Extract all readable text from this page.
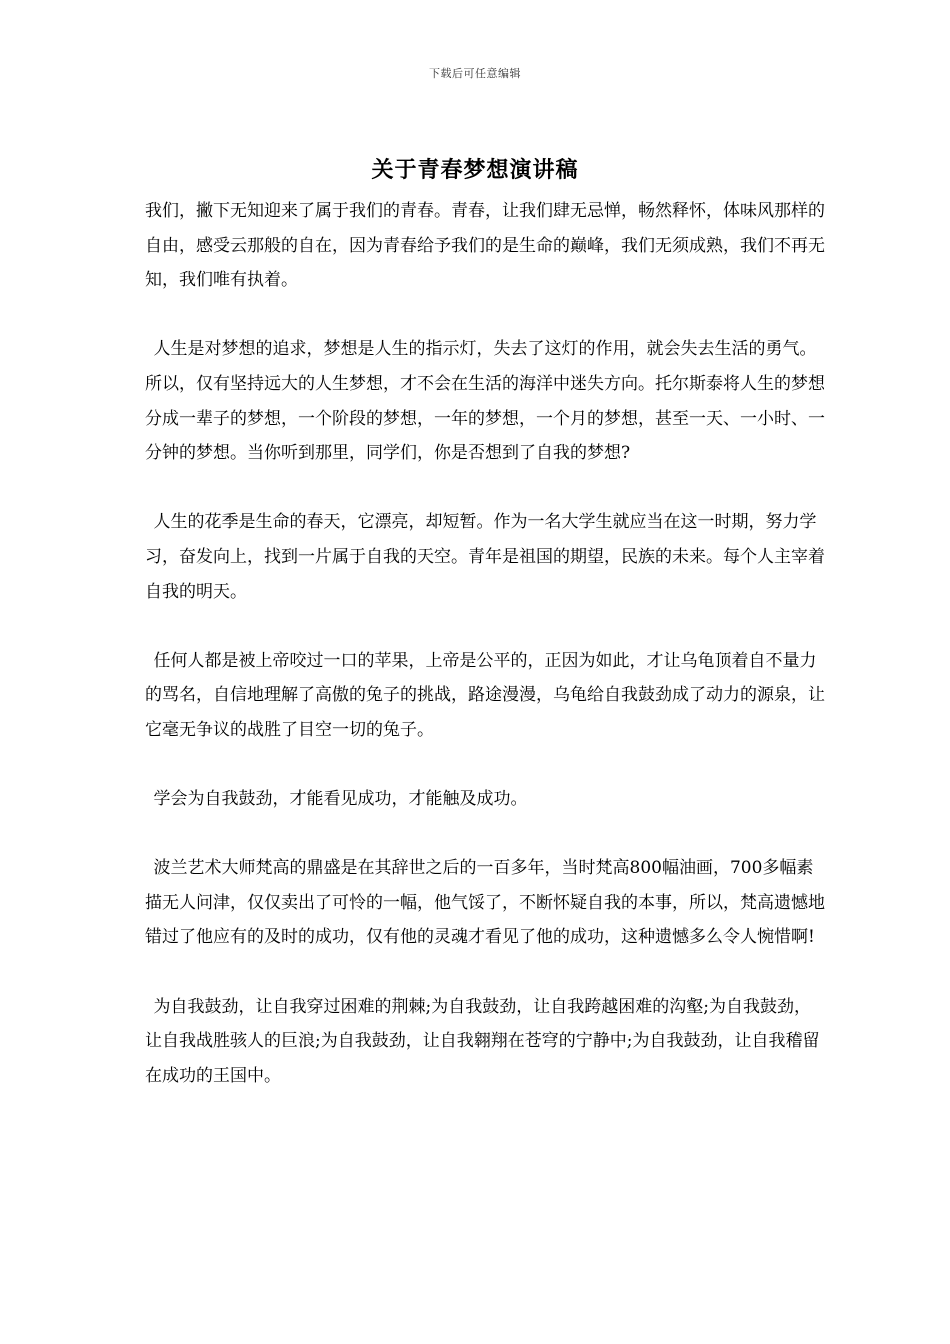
下载后可任意编辑
关于青春梦想演讲稿

我们，撇下无知迎来了属于我们的青春。青春，让我们肆无忌惮，畅然释怀，体味风那样的自由，感受云那般的自在，因为青春给予我们的是生命的巅峰，我们无须成熟，我们不再无知，我们唯有执着。

人生是对梦想的追求，梦想是人生的指示灯，失去了这灯的作用，就会失去生活的勇气。所以，仅有坚持远大的人生梦想，才不会在生活的海洋中迷失方向。托尔斯泰将人生的梦想分成一辈子的梦想，一个阶段的梦想，一年的梦想，一个月的梦想，甚至一天、一小时、一分钟的梦想。当你听到那里，同学们，你是否想到了自我的梦想?

人生的花季是生命的春天，它漂亮，却短暂。作为一名大学生就应当在这一时期，努力学习，奋发向上，找到一片属于自我的天空。青年是祖国的期望，民族的未来。每个人主宰着自我的明天。

任何人都是被上帝咬过一口的苹果，上帝是公平的，正因为如此，才让乌龟顶着自不量力的骂名，自信地理解了高傲的兔子的挑战，路途漫漫，乌龟给自我鼓劲成了动力的源泉，让它毫无争议的战胜了目空一切的兔子。

学会为自我鼓劲，才能看见成功，才能触及成功。

波兰艺术大师梵高的鼎盛是在其辞世之后的一百多年，当时梵高800幅油画，700多幅素描无人问津，仅仅卖出了可怜的一幅，他气馁了，不断怀疑自我的本事，所以，梵高遗憾地错过了他应有的及时的成功，仅有他的灵魂才看见了他的成功，这种遗憾多么令人惋惜啊!

为自我鼓劲，让自我穿过困难的荆棘;为自我鼓劲，让自我跨越困难的沟壑;为自我鼓劲，让自我战胜骇人的巨浪;为自我鼓劲，让自我翱翔在苍穹的宁静中;为自我鼓劲，让自我稽留在成功的王国中。
